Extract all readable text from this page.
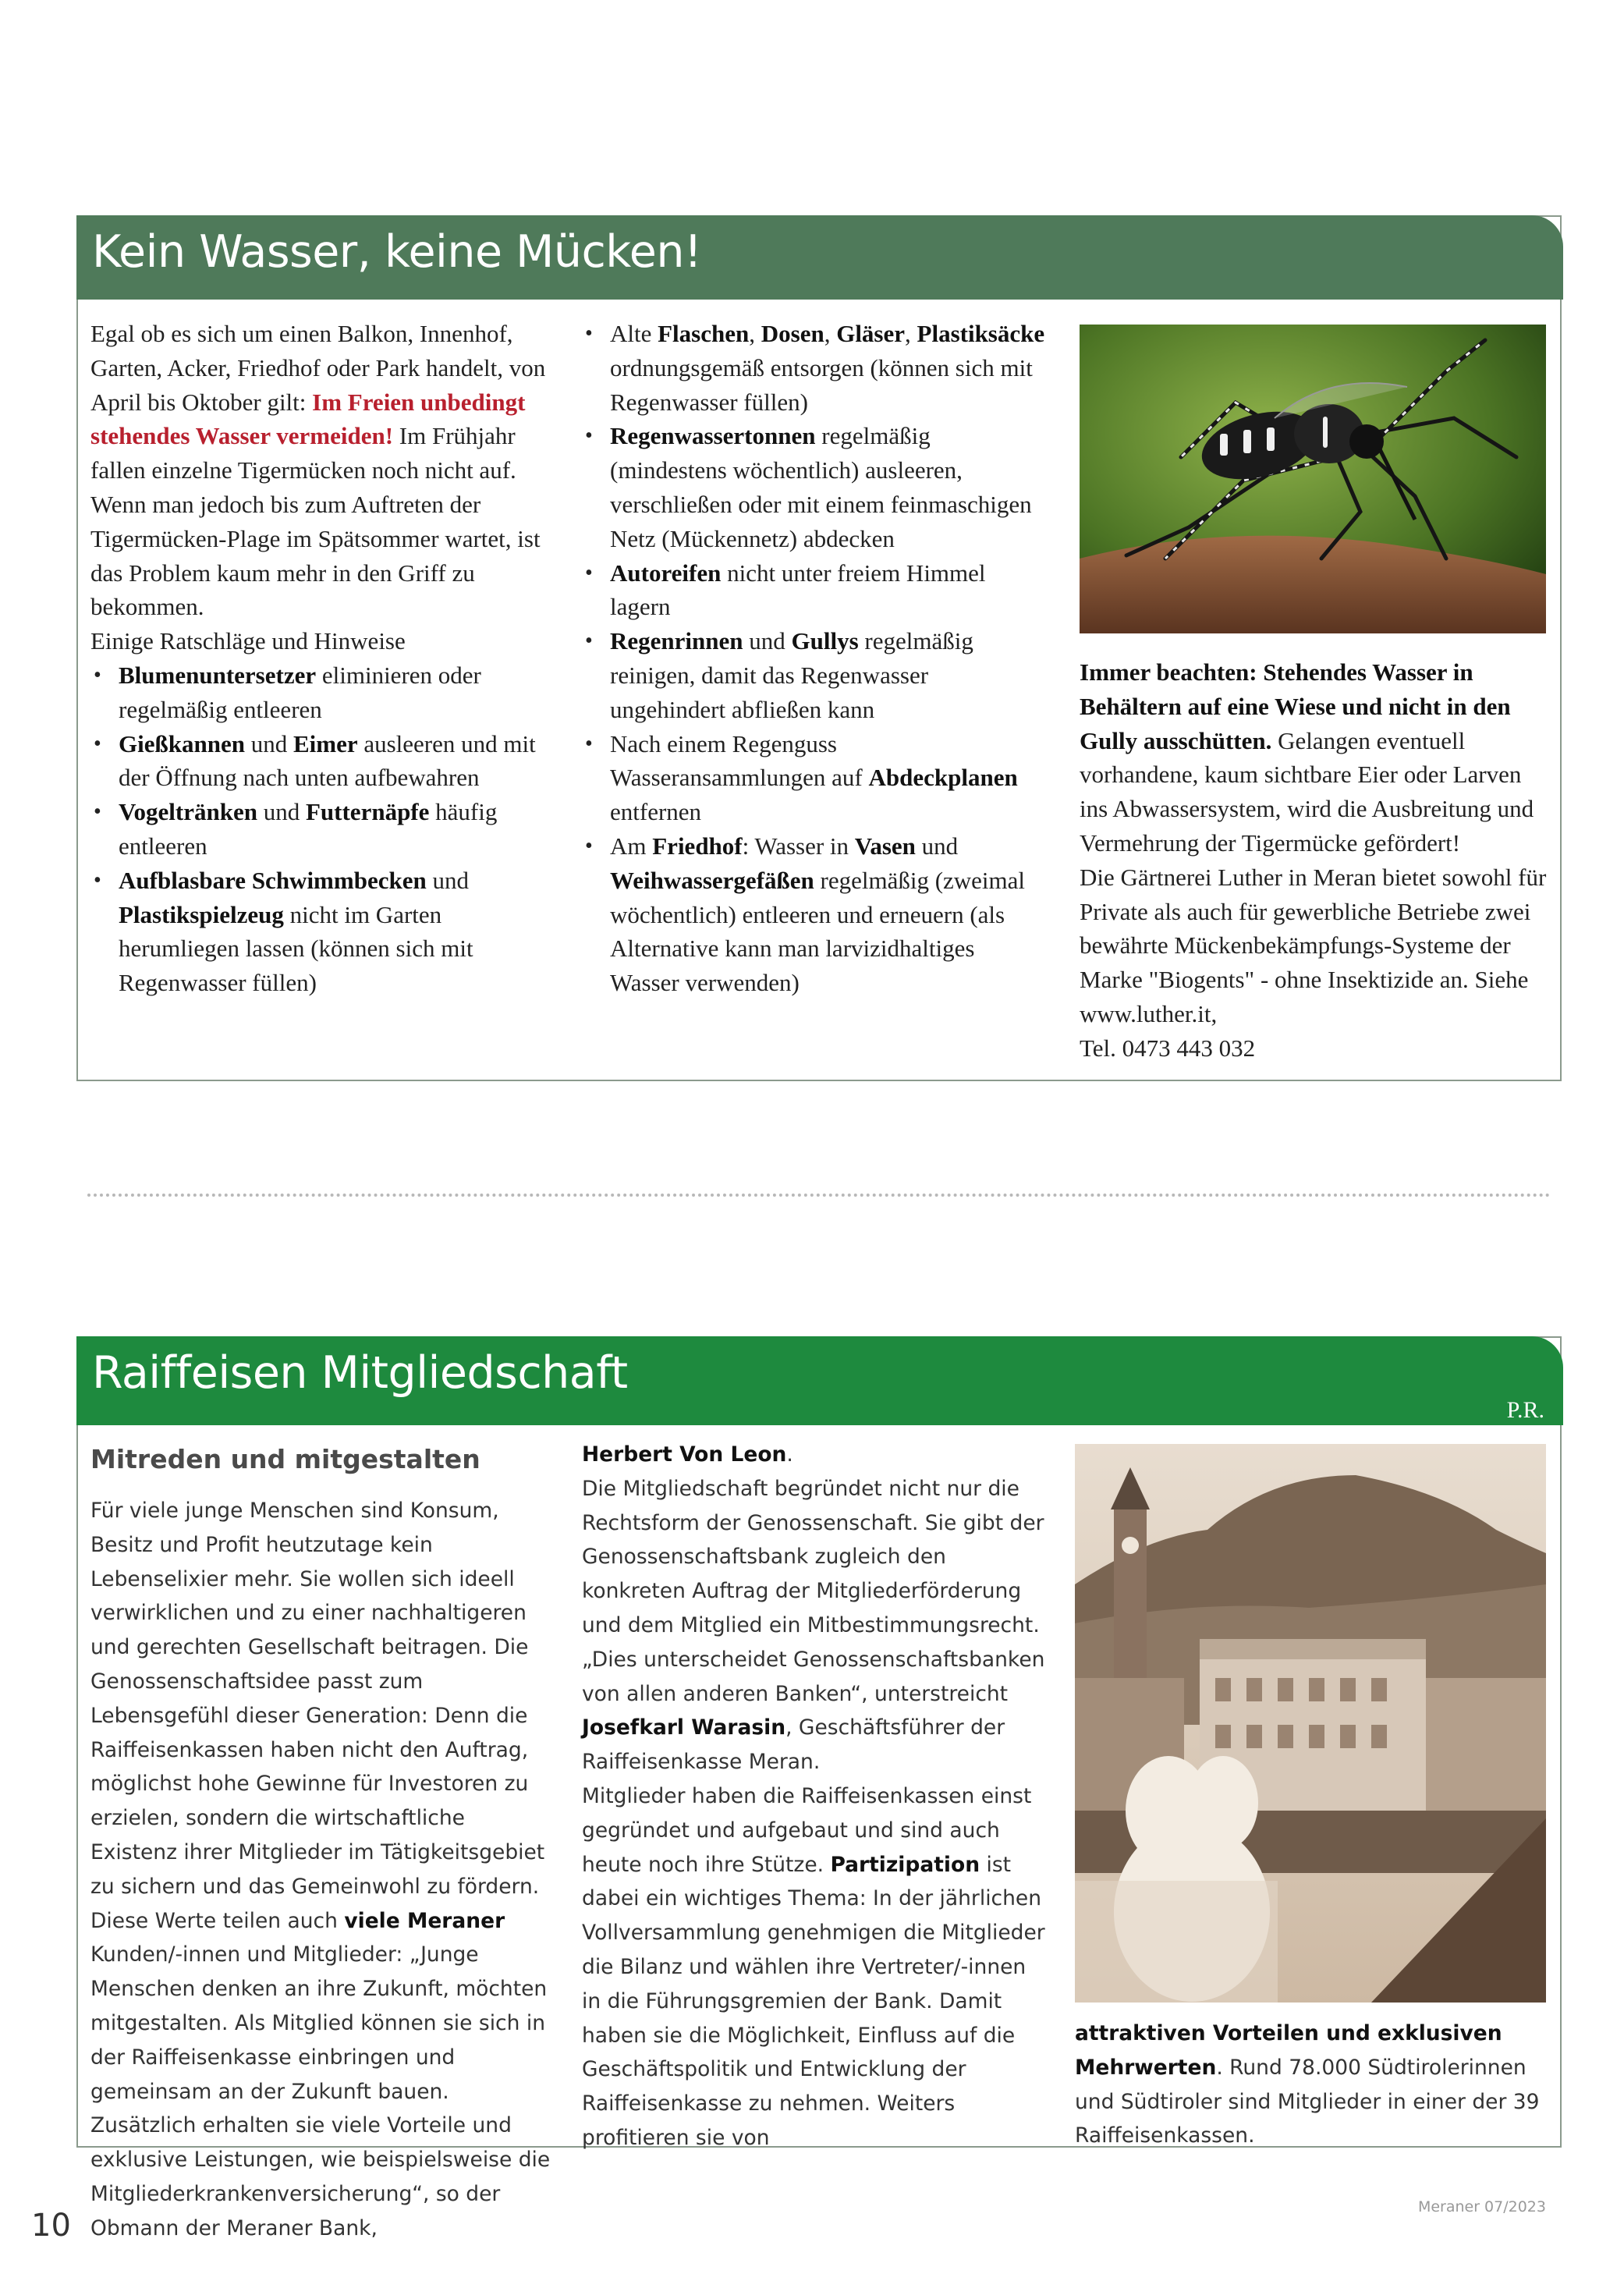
Kein Wasser, keine Mücken!

Egal ob es sich um einen Balkon, Innenhof, Garten, Acker, Friedhof oder Park handelt, von April bis Oktober gilt: Im Freien unbedingt stehendes Wasser vermeiden! Im Frühjahr fallen einzelne Tigermücken noch nicht auf. Wenn man jedoch bis zum Auftreten der Tigermücken-Plage im Spätsommer wartet, ist das Problem kaum mehr in den Griff zu bekommen.

Einige Ratschläge und Hinweise

• Blumenuntersetzer eliminieren oder regelmäßig entleeren
• Gießkannen und Eimer ausleeren und mit der Öffnung nach unten aufbewahren
• Vogeltränken und Futternäpfe häufig entleeren
• Aufblasbare Schwimmbecken und Plastikspielzeug nicht im Garten herumliegen lassen (können sich mit Regenwasser füllen)
• Alte Flaschen, Dosen, Gläser, Plastiksäcke ordnungsgemäß entsorgen (können sich mit Regenwasser füllen)
• Regenwassertonnen regelmäßig (mindestens wöchentlich) ausleeren, verschließen oder mit einem feinmaschigen Netz (Mückennetz) abdecken
• Autoreifen nicht unter freiem Himmel lagern
• Regenrinnen und Gullys regelmäßig reinigen, damit das Regenwasser ungehindert abfließen kann
• Nach einem Regenguss Wasseransammlungen auf Abdeckplanen entfernen
• Am Friedhof: Wasser in Vasen und Weihwassergefäßen regelmäßig (zweimal wöchentlich) entleeren und erneuern (als Alternative kann man larvizidhaltiges Wasser verwenden)

Immer beachten: Stehendes Wasser in Behältern auf eine Wiese und nicht in den Gully ausschütten. Gelangen eventuell vorhandene, kaum sichtbare Eier oder Larven ins Abwassersystem, wird die Ausbreitung und Vermehrung der Tigermücke gefördert!

Die Gärtnerei Luther in Meran bietet sowohl für Private als auch für gewerbliche Betriebe zwei bewährte Mückenbekämpfungs-Systeme der Marke "Biogents" - ohne Insektizide an. Siehe www.luther.it,

Tel. 0473 443 032

Raiffeisen Mitgliedschaft
P.R.
Mitreden und mitgestalten

Für viele junge Menschen sind Konsum, Besitz und Profit heutzutage kein Lebenselixier mehr. Sie wollen sich ideell verwirklichen und zu einer nachhaltigeren und gerechten Gesellschaft beitragen. Die Genossenschaftsidee passt zum Lebensgefühl dieser Generation: Denn die Raiffeisenkassen haben nicht den Auftrag, möglichst hohe Gewinne für Investoren zu erzielen, sondern die wirtschaftliche Existenz ihrer Mitglieder im Tätigkeitsgebiet zu sichern und das Gemeinwohl zu fördern. Diese Werte teilen auch viele Meraner Kunden/-innen und Mitglieder: „Junge Menschen denken an ihre Zukunft, möchten mitgestalten. Als Mitglied können sie sich in der Raiffeisenkasse einbringen und gemeinsam an der Zukunft bauen. Zusätzlich erhalten sie viele Vorteile und exklusive Leistungen, wie beispielsweise die Mitgliederkrankenversicherung“, so der Obmann der Meraner Bank,

Herbert Von Leon.

Die Mitgliedschaft begründet nicht nur die Rechtsform der Genossenschaft. Sie gibt der Genossenschaftsbank zugleich den konkreten Auftrag der Mitgliederförderung und dem Mitglied ein Mitbestimmungsrecht. „Dies unterscheidet Genossenschaftsbanken von allen anderen Banken“, unterstreicht Josefkarl Warasin, Geschäftsführer der Raiffeisenkasse Meran.

Mitglieder haben die Raiffeisenkassen einst gegründet und aufgebaut und sind auch heute noch ihre Stütze. Partizipation ist dabei ein wichtiges Thema: In der jährlichen Vollversammlung genehmigen die Mitglieder die Bilanz und wählen ihre Vertreter/-innen in die Führungsgremien der Bank. Damit haben sie die Möglichkeit, Einfluss auf die Geschäftspolitik und Entwicklung der Raiffeisenkasse zu nehmen. Weiters profitieren sie von

attraktiven Vorteilen und exklusiven Mehrwerten. Rund 78.000 Südtirolerinnen und Südtiroler sind Mitglieder in einer der 39 Raiffeisenkassen.

10
Meraner 07/2023
